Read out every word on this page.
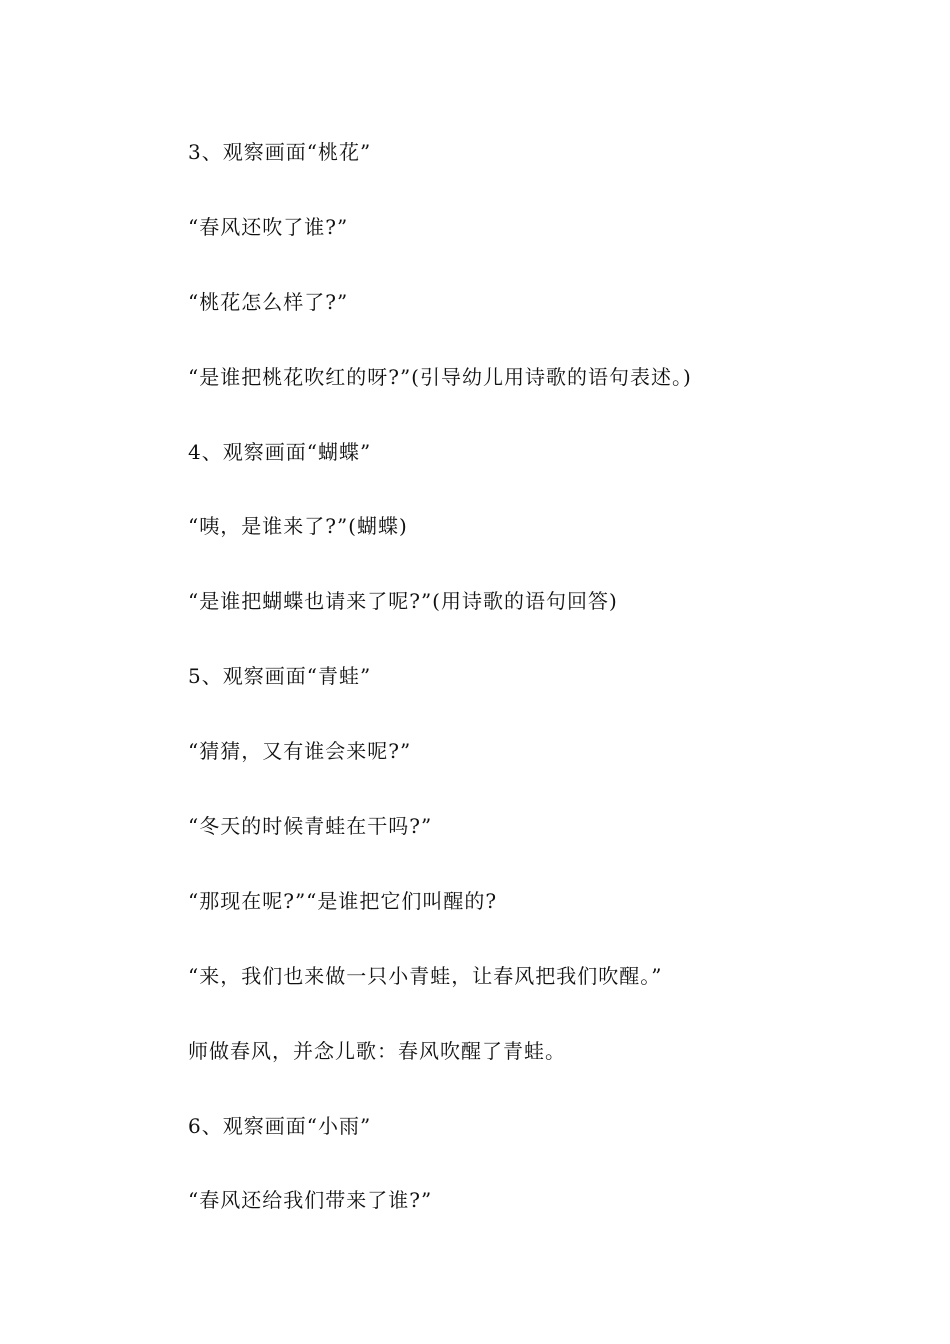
3、观察画面“桃花”
“春风还吹了谁?”
“桃花怎么样了?”
“是谁把桃花吹红的呀?”(引导幼儿用诗歌的语句表述。)
4、观察画面“蝴蝶”
“咦，是谁来了?”(蝴蝶)
“是谁把蝴蝶也请来了呢?”(用诗歌的语句回答)
5、观察画面“青蛙”
“猜猜，又有谁会来呢?”
“冬天的时候青蛙在干吗?”
“那现在呢?”“是谁把它们叫醒的?
“来，我们也来做一只小青蛙，让春风把我们吹醒。”
师做春风，并念儿歌：春风吹醒了青蛙。
6、观察画面“小雨”
“春风还给我们带来了谁?”
